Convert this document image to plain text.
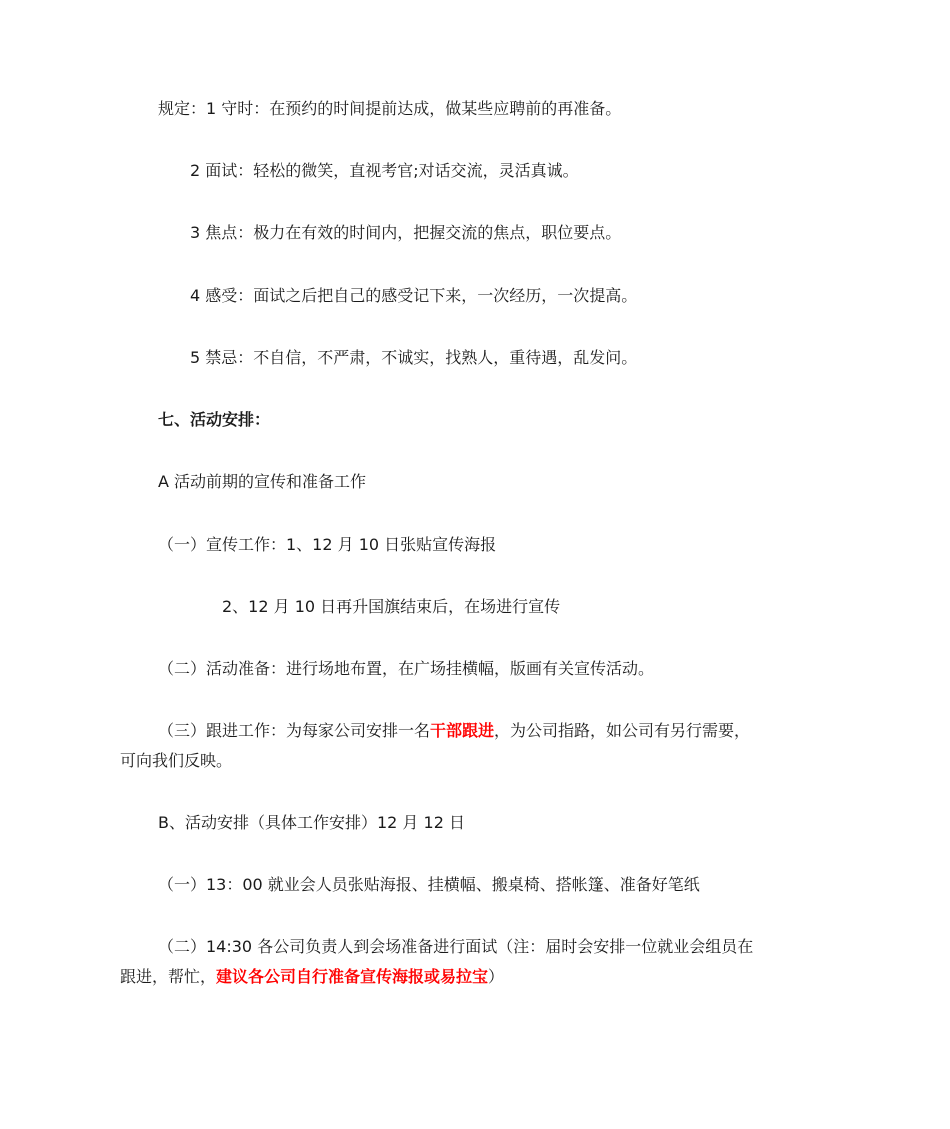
规定：1 守时：在预约的时间提前达成，做某些应聘前的再准备。
2 面试：轻松的微笑，直视考官;对话交流，灵活真诚。
3 焦点：极力在有效的时间内，把握交流的焦点，职位要点。
4 感受：面试之后把自己的感受记下来，一次经历，一次提高。
5 禁忌：不自信，不严肃，不诚实，找熟人，重待遇，乱发问。
七、活动安排：
A 活动前期的宣传和准备工作
（一）宣传工作：1、12 月 10 日张贴宣传海报
2、12 月 10 日再升国旗结束后，在场进行宣传
（二）活动准备：进行场地布置，在广场挂横幅，版画有关宣传活动。
（三）跟进工作：为每家公司安排一名干部跟进，为公司指路，如公司有另行需要，
可向我们反映。
B、活动安排（具体工作安排）12 月 12 日
（一）13：00 就业会人员张贴海报、挂横幅、搬桌椅、搭帐篷、准备好笔纸
（二）14:30 各公司负责人到会场准备进行面试（注：届时会安排一位就业会组员在
跟进，帮忙，建议各公司自行准备宣传海报或易拉宝）
